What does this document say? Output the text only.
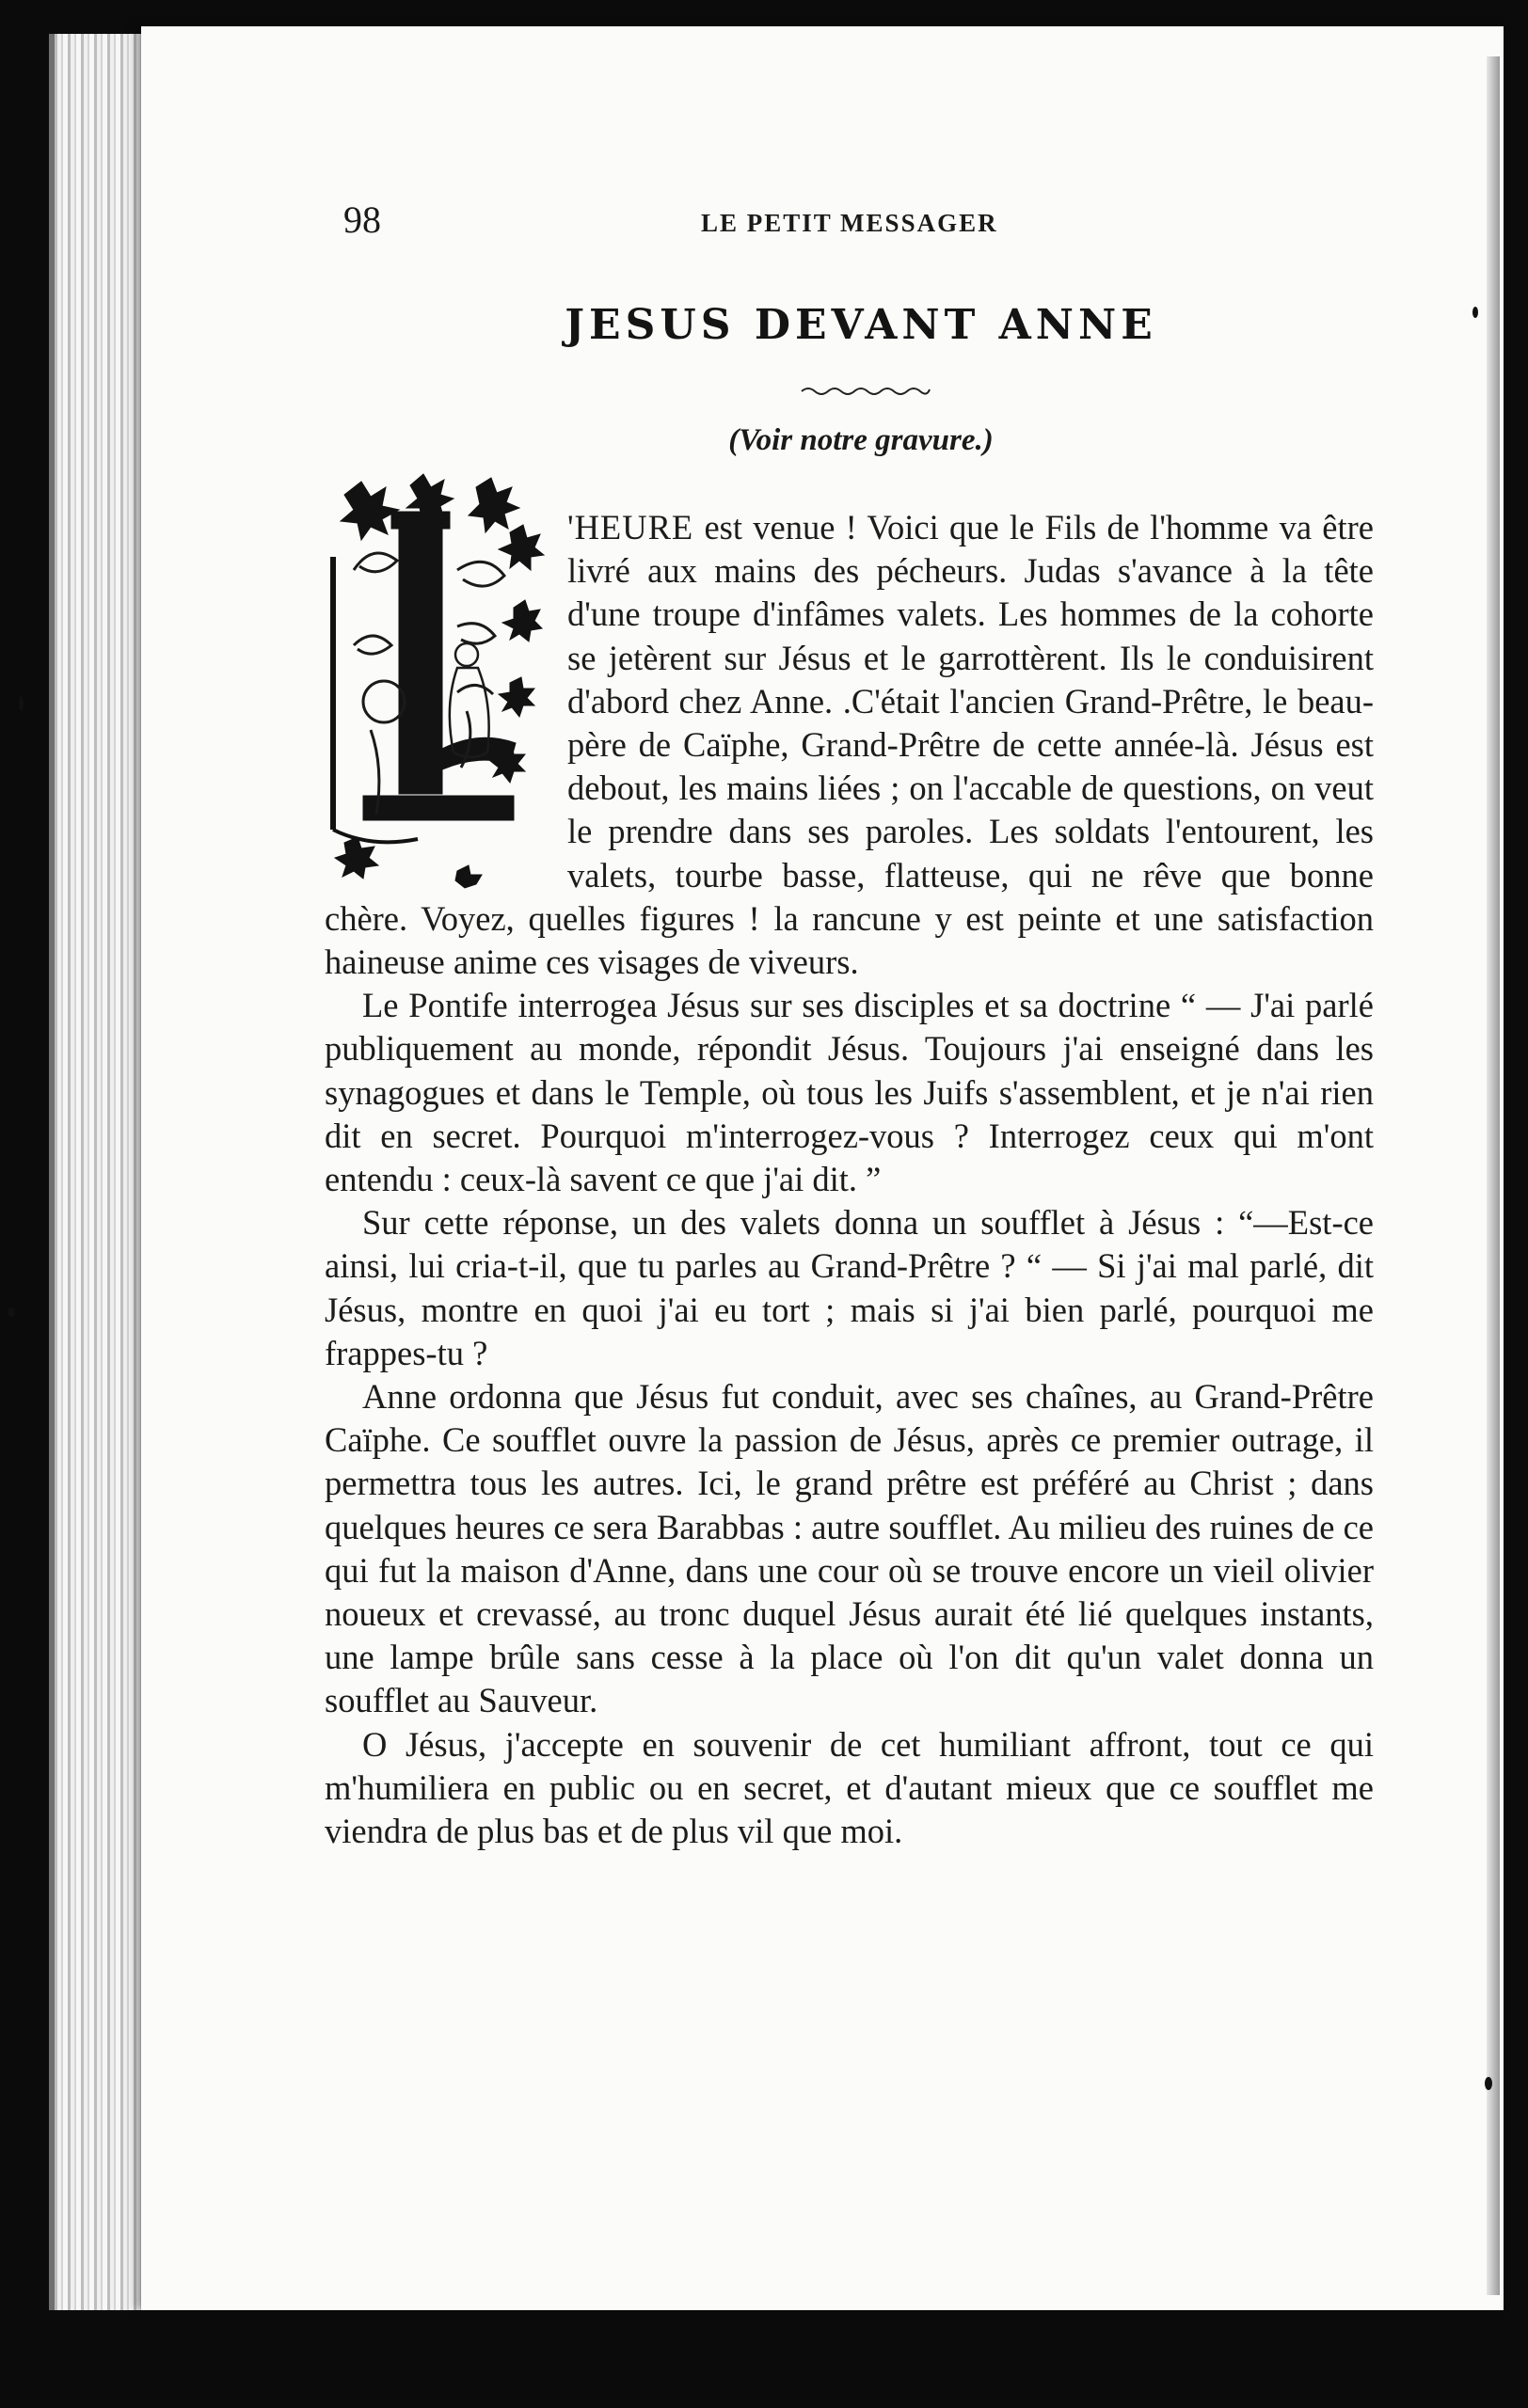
98	LE PETIT MESSAGER
JESUS DEVANT ANNE
(Voir notre gravure.)

'HEURE est venue ! Voici que le Fils de l'homme va être livré aux mains des pécheurs. Judas s'avance à la tête d'une troupe d'infâmes valets. Les hommes de la cohorte se jetèrent sur Jésus et le garrottèrent. Ils le conduisirent d'abord chez Anne. .C'était l'ancien Grand-Prêtre, le beau-père de Caïphe, Grand-Prêtre de cette année-là. Jésus est debout, les mains liées ; on l'accable de questions, on veut le prendre dans ses paroles. Les soldats l'entourent, les valets, tourbe basse, flatteuse, qui ne rêve que bonne chère. Voyez, quelles figures ! la rancune y est peinte et une satisfaction haineuse anime ces visages de viveurs.

Le Pontife interrogea Jésus sur ses disciples et sa doctrine “ — J'ai parlé publiquement au monde, répondit Jésus. Toujours j'ai enseigné dans les synagogues et dans le Temple, où tous les Juifs s'assemblent, et je n'ai rien dit en secret. Pourquoi m'interrogez-vous ? Interrogez ceux qui m'ont entendu : ceux-là savent ce que j'ai dit. ”

Sur cette réponse, un des valets donna un soufflet à Jésus : “—Est-ce ainsi, lui cria-t-il, que tu parles au Grand-Prêtre ? “ — Si j'ai mal parlé, dit Jésus, montre en quoi j'ai eu tort ; mais si j'ai bien parlé, pourquoi me frappes-tu ?

Anne ordonna que Jésus fut conduit, avec ses chaînes, au Grand-Prêtre Caïphe. Ce soufflet ouvre la passion de Jésus, après ce premier outrage, il permettra tous les autres. Ici, le grand prêtre est préféré au Christ ; dans quelques heures ce sera Barabbas : autre soufflet. Au milieu des ruines de ce qui fut la maison d'Anne, dans une cour où se trouve encore un vieil olivier noueux et crevassé, au tronc duquel Jésus aurait été lié quelques instants, une lampe brûle sans cesse à la place où l'on dit qu'un valet donna un soufflet au Sauveur.

O Jésus, j'accepte en souvenir de cet humiliant affront, tout ce qui m'humiliera en public ou en secret, et d'autant mieux que ce soufflet me viendra de plus bas et de plus vil que moi.
